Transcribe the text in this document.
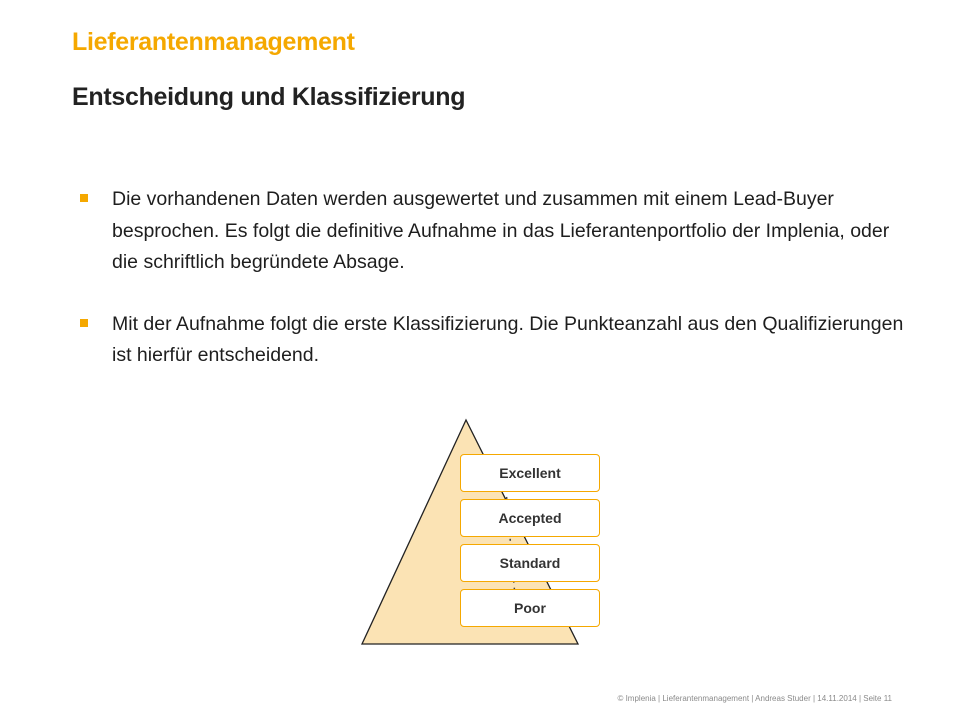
Lieferantenmanagement
Entscheidung und Klassifizierung
Die vorhandenen Daten werden ausgewertet und zusammen mit einem Lead-Buyer besprochen. Es folgt die definitive Aufnahme in das Lieferantenportfolio der Implenia, oder die schriftlich begründete Absage.
Mit der Aufnahme folgt die erste Klassifizierung. Die Punkteanzahl aus den Qualifizierungen ist hierfür entscheidend.
Excellent
Accepted
Standard
Poor
© Implenia | Lieferantenmanagement | Andreas Studer | 14.11.2014 | Seite 11
